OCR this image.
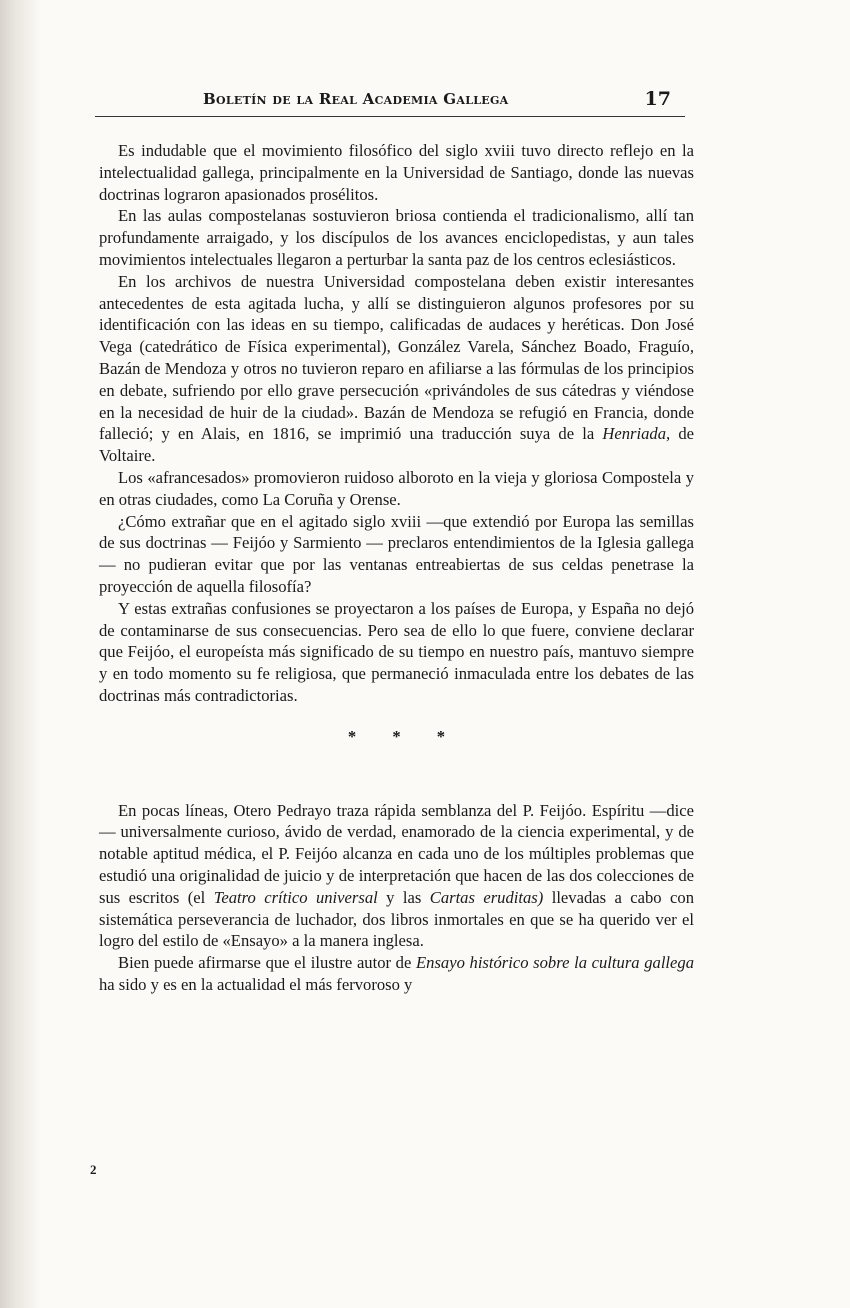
Boletín de la Real Academia Gallega	17

Es indudable que el movimiento filosófico del siglo xviii tuvo directo reflejo en la intelectualidad gallega, principalmente en la Universidad de Santiago, donde las nuevas doctrinas lograron apasionados prosélitos.

En las aulas compostelanas sostuvieron briosa contienda el tradicionalismo, allí tan profundamente arraigado, y los discípulos de los avances enciclopedistas, y aun tales movimientos intelectuales llegaron a perturbar la santa paz de los centros eclesiásticos.

En los archivos de nuestra Universidad compostelana deben existir interesantes antecedentes de esta agitada lucha, y allí se distinguieron algunos profesores por su identificación con las ideas en su tiempo, calificadas de audaces y heréticas. Don José Vega (catedrático de Física experimental), González Varela, Sánchez Boado, Fraguío, Bazán de Mendoza y otros no tuvieron reparo en afiliarse a las fórmulas de los principios en debate, sufriendo por ello grave persecución «privándoles de sus cátedras y viéndose en la necesidad de huir de la ciudad». Bazán de Mendoza se refugió en Francia, donde falleció; y en Alais, en 1816, se imprimió una traducción suya de la Henriada, de Voltaire.

Los «afrancesados» promovieron ruidoso alboroto en la vieja y gloriosa Compostela y en otras ciudades, como La Coruña y Orense.

¿Cómo extrañar que en el agitado siglo xviii —que extendió por Europa las semillas de sus doctrinas — Feijóo y Sarmiento — preclaros entendimientos de la Iglesia gallega— no pudieran evitar que por las ventanas entreabiertas de sus celdas penetrase la proyección de aquella filosofía?

Y estas extrañas confusiones se proyectaron a los países de Europa, y España no dejó de contaminarse de sus consecuencias. Pero sea de ello lo que fuere, conviene declarar que Feijóo, el europeísta más significado de su tiempo en nuestro país, mantuvo siempre y en todo momento su fe religiosa, que permaneció inmaculada entre los debates de las doctrinas más contradictorias.

* * *

En pocas líneas, Otero Pedrayo traza rápida semblanza del P. Feijóo. Espíritu —dice— universalmente curioso, ávido de verdad, enamorado de la ciencia experimental, y de notable aptitud médica, el P. Feijóo alcanza en cada uno de los múltiples problemas que estudió una originalidad de juicio y de interpretación que hacen de las dos colecciones de sus escritos (el Teatro crítico universal y las Cartas eruditas) llevadas a cabo con sistemática perseverancia de luchador, dos libros inmortales en que se ha querido ver el logro del estilo de «Ensayo» a la manera inglesa.

Bien puede afirmarse que el ilustre autor de Ensayo histórico sobre la cultura gallega ha sido y es en la actualidad el más fervoroso y

2
